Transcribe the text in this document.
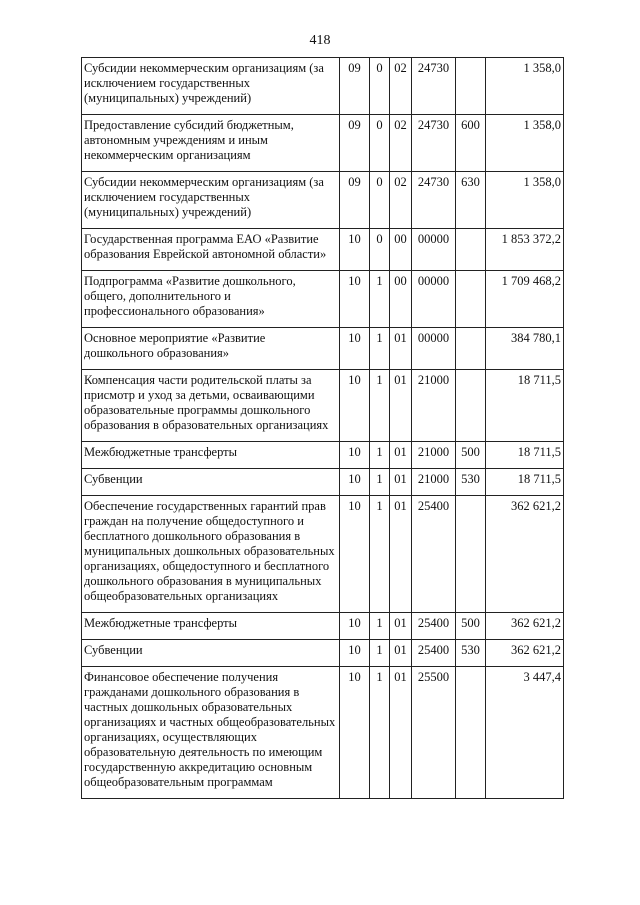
418
Субсидии некоммерческим организациям (за исключением государственных (муниципальных) учреждений)	09	0	02	24730		1 358,0
Предоставление субсидий бюджетным, автономным учреждениям и иным некоммерческим организациям	09	0	02	24730	600	1 358,0
Субсидии некоммерческим организациям (за исключением государственных (муниципальных) учреждений)	09	0	02	24730	630	1 358,0
Государственная программа ЕАО «Развитие образования Еврейской автономной области»	10	0	00	00000		1 853 372,2
Подпрограмма «Развитие дошкольного, общего, дополнительного и профессионального образования»	10	1	00	00000		1 709 468,2
Основное мероприятие «Развитие дошкольного образования»	10	1	01	00000		384 780,1
Компенсация части родительской платы за присмотр и уход за детьми, осваивающими образовательные программы дошкольного образования в образовательных организациях	10	1	01	21000		18 711,5
Межбюджетные трансферты	10	1	01	21000	500	18 711,5
Субвенции	10	1	01	21000	530	18 711,5
Обеспечение государственных гарантий прав граждан на получение общедоступного и бесплатного дошкольного образования в муниципальных дошкольных образовательных организациях, общедоступного и бесплатного дошкольного образования в муниципальных общеобразовательных организациях	10	1	01	25400		362 621,2
Межбюджетные трансферты	10	1	01	25400	500	362 621,2
Субвенции	10	1	01	25400	530	362 621,2
Финансовое обеспечение получения гражданами дошкольного образования в частных дошкольных образовательных организациях и частных общеобразовательных организациях, осуществляющих образовательную деятельность по имеющим государственную аккредитацию основным общеобразовательным программам	10	1	01	25500		3 447,4
